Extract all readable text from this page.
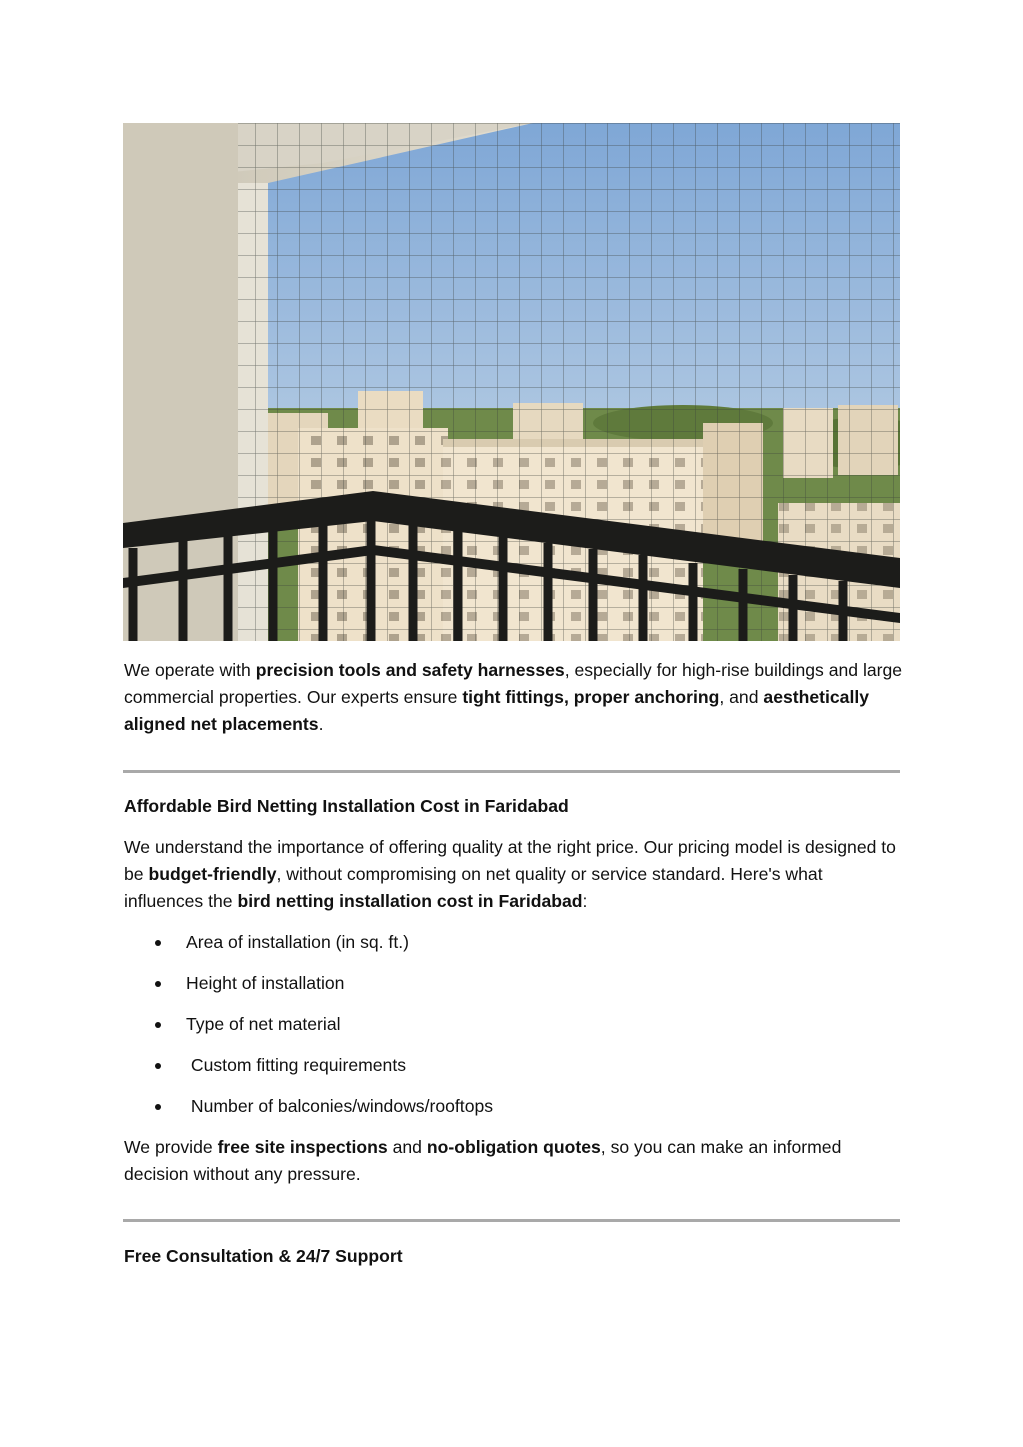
We operate with precision tools and safety harnesses, especially for high-rise buildings and large commercial properties. Our experts ensure tight fittings, proper anchoring, and aesthetically aligned net placements.

Affordable Bird Netting Installation Cost in Faridabad

We understand the importance of offering quality at the right price. Our pricing model is designed to be budget-friendly, without compromising on net quality or service standard. Here's what influences the bird netting installation cost in Faridabad:

Area of installation (in sq. ft.)
Height of installation
Type of net material
Custom fitting requirements
Number of balconies/windows/rooftops

We provide free site inspections and no-obligation quotes, so you can make an informed decision without any pressure.

Free Consultation & 24/7 Support
